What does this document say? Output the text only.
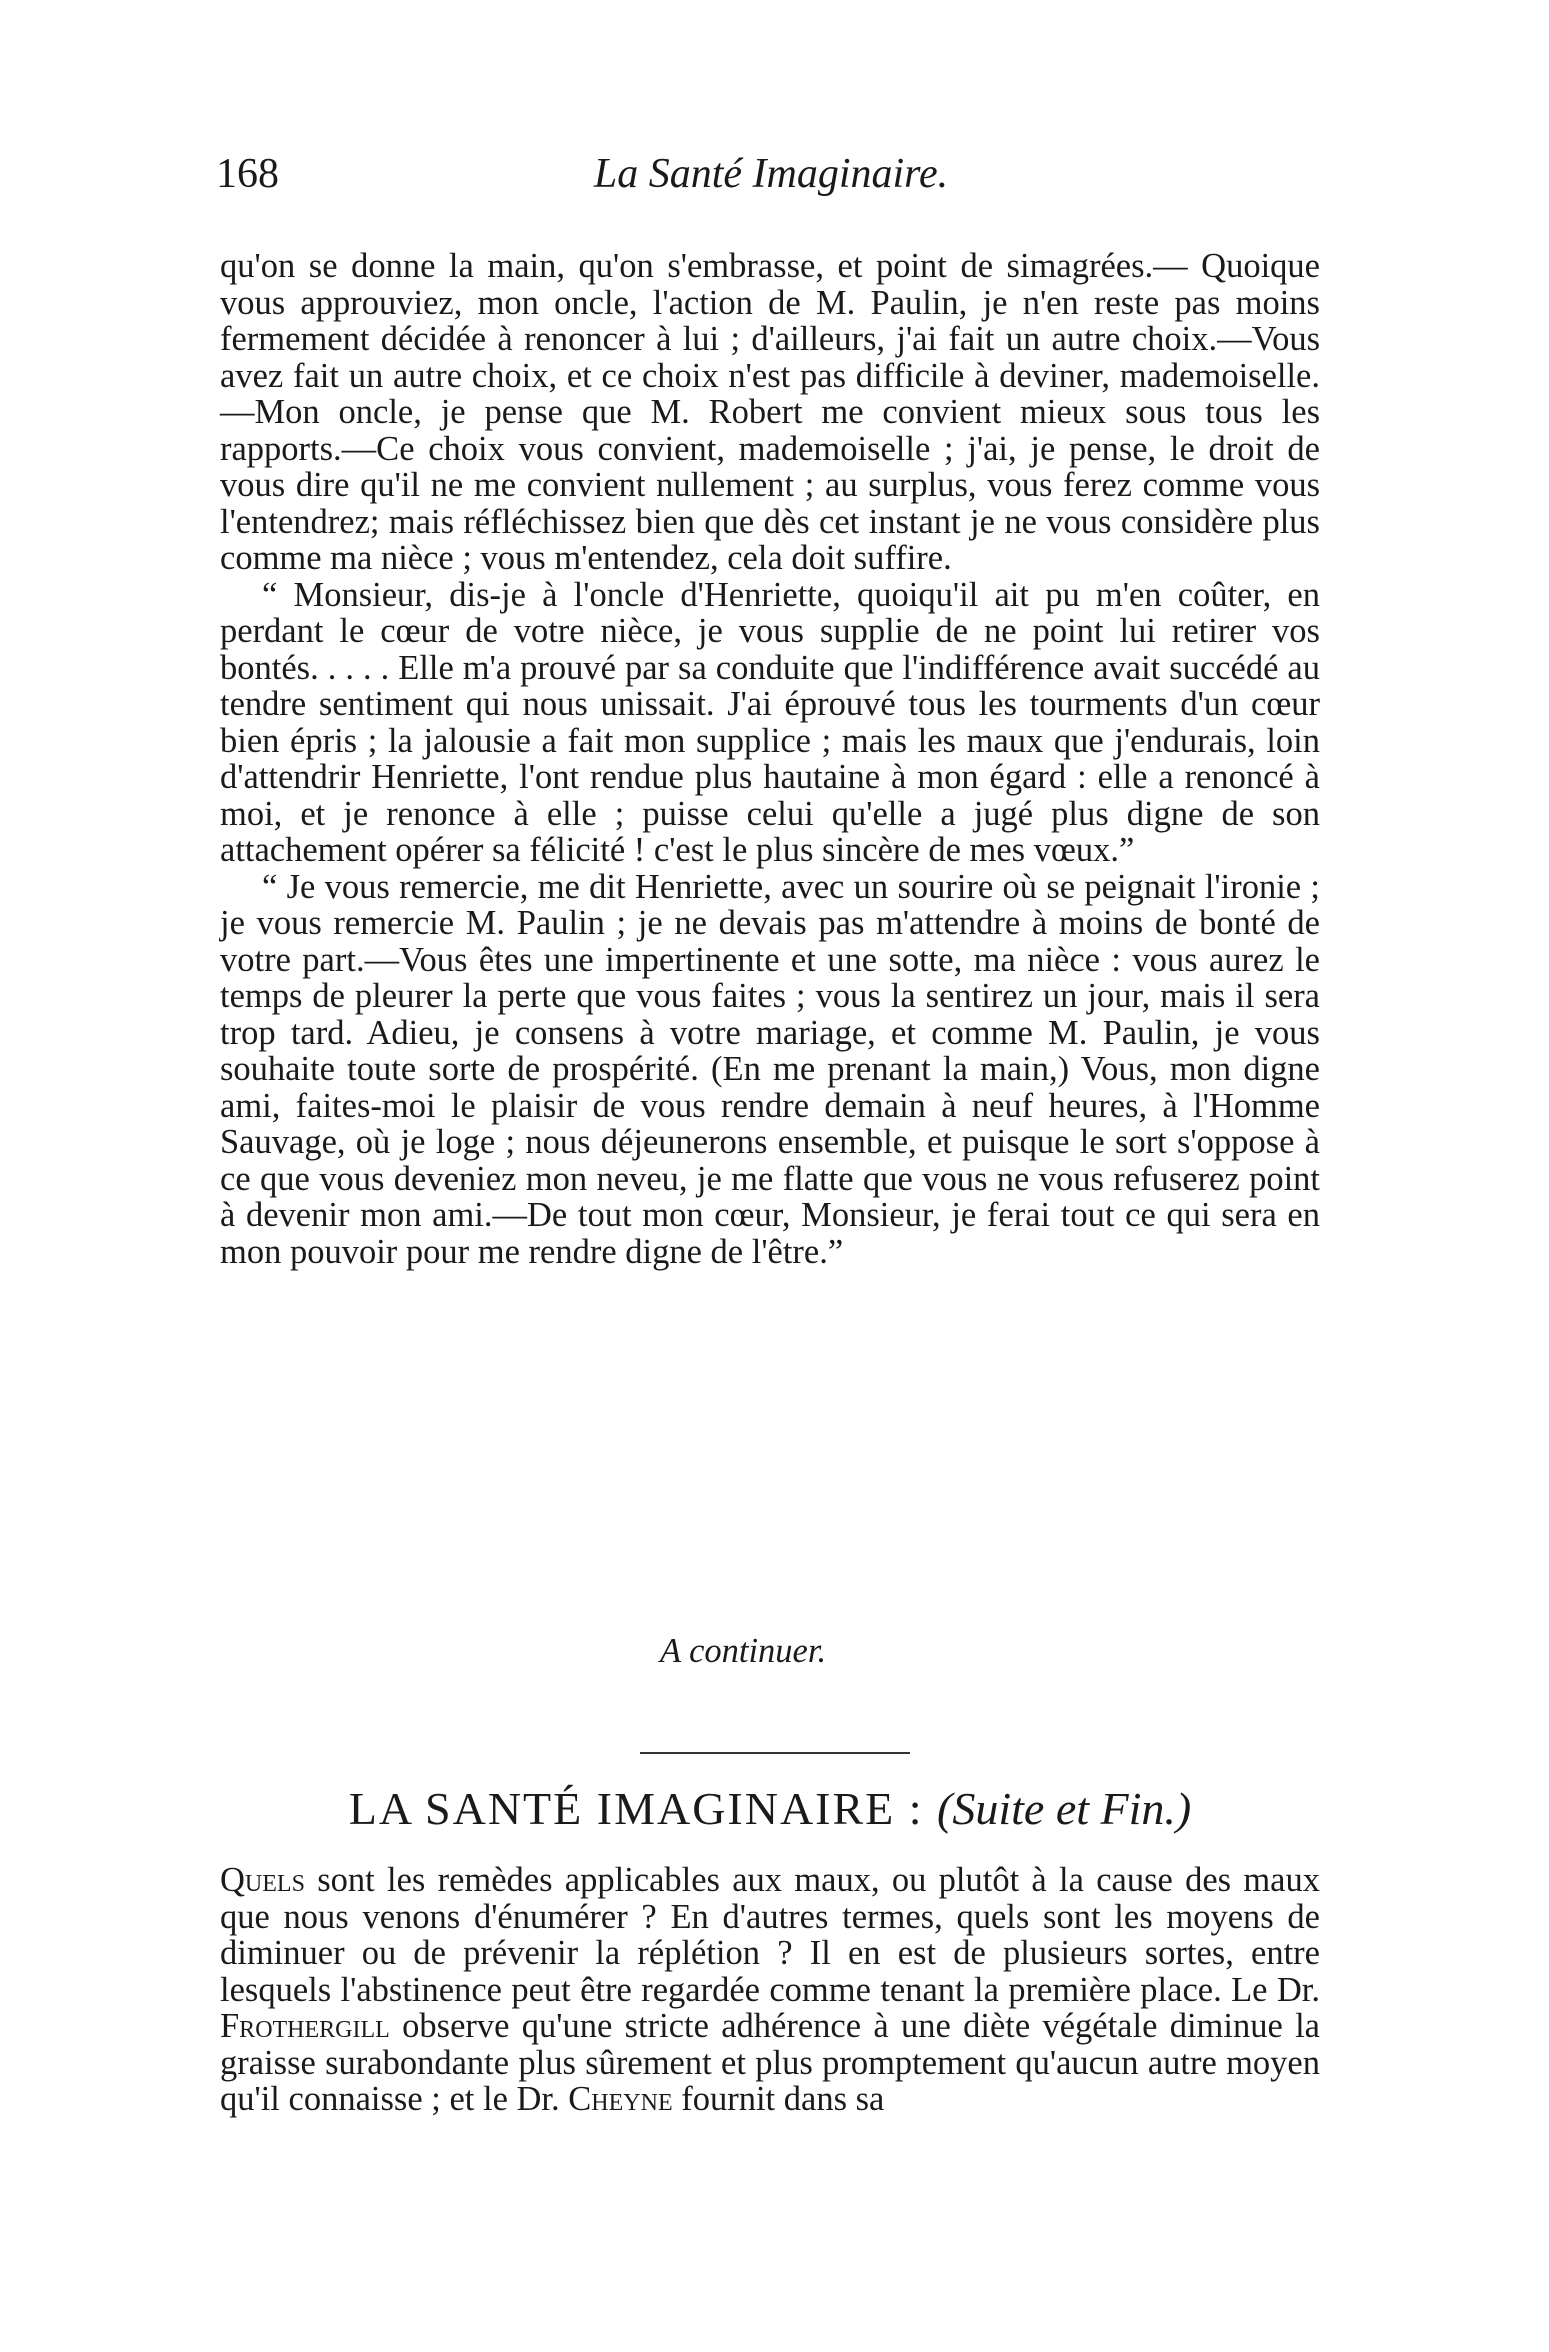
168	La Santé Imaginaire.

qu'on se donne la main, qu'on s'embrasse, et point de simagrées.— Quoique vous approuviez, mon oncle, l'action de M. Paulin, je n'en reste pas moins fermement décidée à renoncer à lui ; d'ailleurs, j'ai fait un autre choix.—Vous avez fait un autre choix, et ce choix n'est pas difficile à deviner, mademoiselle.—Mon oncle, je pense que M. Robert me convient mieux sous tous les rapports.—Ce choix vous convient, mademoiselle ; j'ai, je pense, le droit de vous dire qu'il ne me convient nullement ; au surplus, vous ferez comme vous l'entendrez; mais réfléchissez bien que dès cet instant je ne vous considère plus comme ma nièce ; vous m'entendez, cela doit suffire.

“ Monsieur, dis-je à l'oncle d'Henriette, quoiqu'il ait pu m'en coûter, en perdant le cœur de votre nièce, je vous supplie de ne point lui retirer vos bontés. . . . . Elle m'a prouvé par sa conduite que l'indifférence avait succédé au tendre sentiment qui nous unissait. J'ai éprouvé tous les tourments d'un cœur bien épris ; la jalousie a fait mon supplice ; mais les maux que j'endurais, loin d'attendrir Henriette, l'ont rendue plus hautaine à mon égard : elle a renoncé à moi, et je renonce à elle ; puisse celui qu'elle a jugé plus digne de son attachement opérer sa félicité ! c'est le plus sincère de mes vœux.”

“ Je vous remercie, me dit Henriette, avec un sourire où se peignait l'ironie ; je vous remercie M. Paulin ; je ne devais pas m'attendre à moins de bonté de votre part.—Vous êtes une impertinente et une sotte, ma nièce : vous aurez le temps de pleurer la perte que vous faites ; vous la sentirez un jour, mais il sera trop tard. Adieu, je consens à votre mariage, et comme M. Paulin, je vous souhaite toute sorte de prospérité. (En me prenant la main,) Vous, mon digne ami, faites-moi le plaisir de vous rendre demain à neuf heures, à l'Homme Sauvage, où je loge ; nous déjeunerons ensemble, et puisque le sort s'oppose à ce que vous deveniez mon neveu, je me flatte que vous ne vous refuserez point à devenir mon ami.—De tout mon cœur, Monsieur, je ferai tout ce qui sera en mon pouvoir pour me rendre digne de l'être.”

A continuer.
LA SANTÉ IMAGINAIRE : (Suite et Fin.)

Quels sont les remèdes applicables aux maux, ou plutôt à la cause des maux que nous venons d'énumérer ? En d'autres termes, quels sont les moyens de diminuer ou de prévenir la réplétion ? Il en est de plusieurs sortes, entre lesquels l'abstinence peut être regardée comme tenant la première place. Le Dr. Frothergill observe qu'une stricte adhérence à une diète végétale diminue la graisse surabondante plus sûrement et plus promptement qu'aucun autre moyen qu'il connaisse ; et le Dr. Cheyne fournit dans sa
